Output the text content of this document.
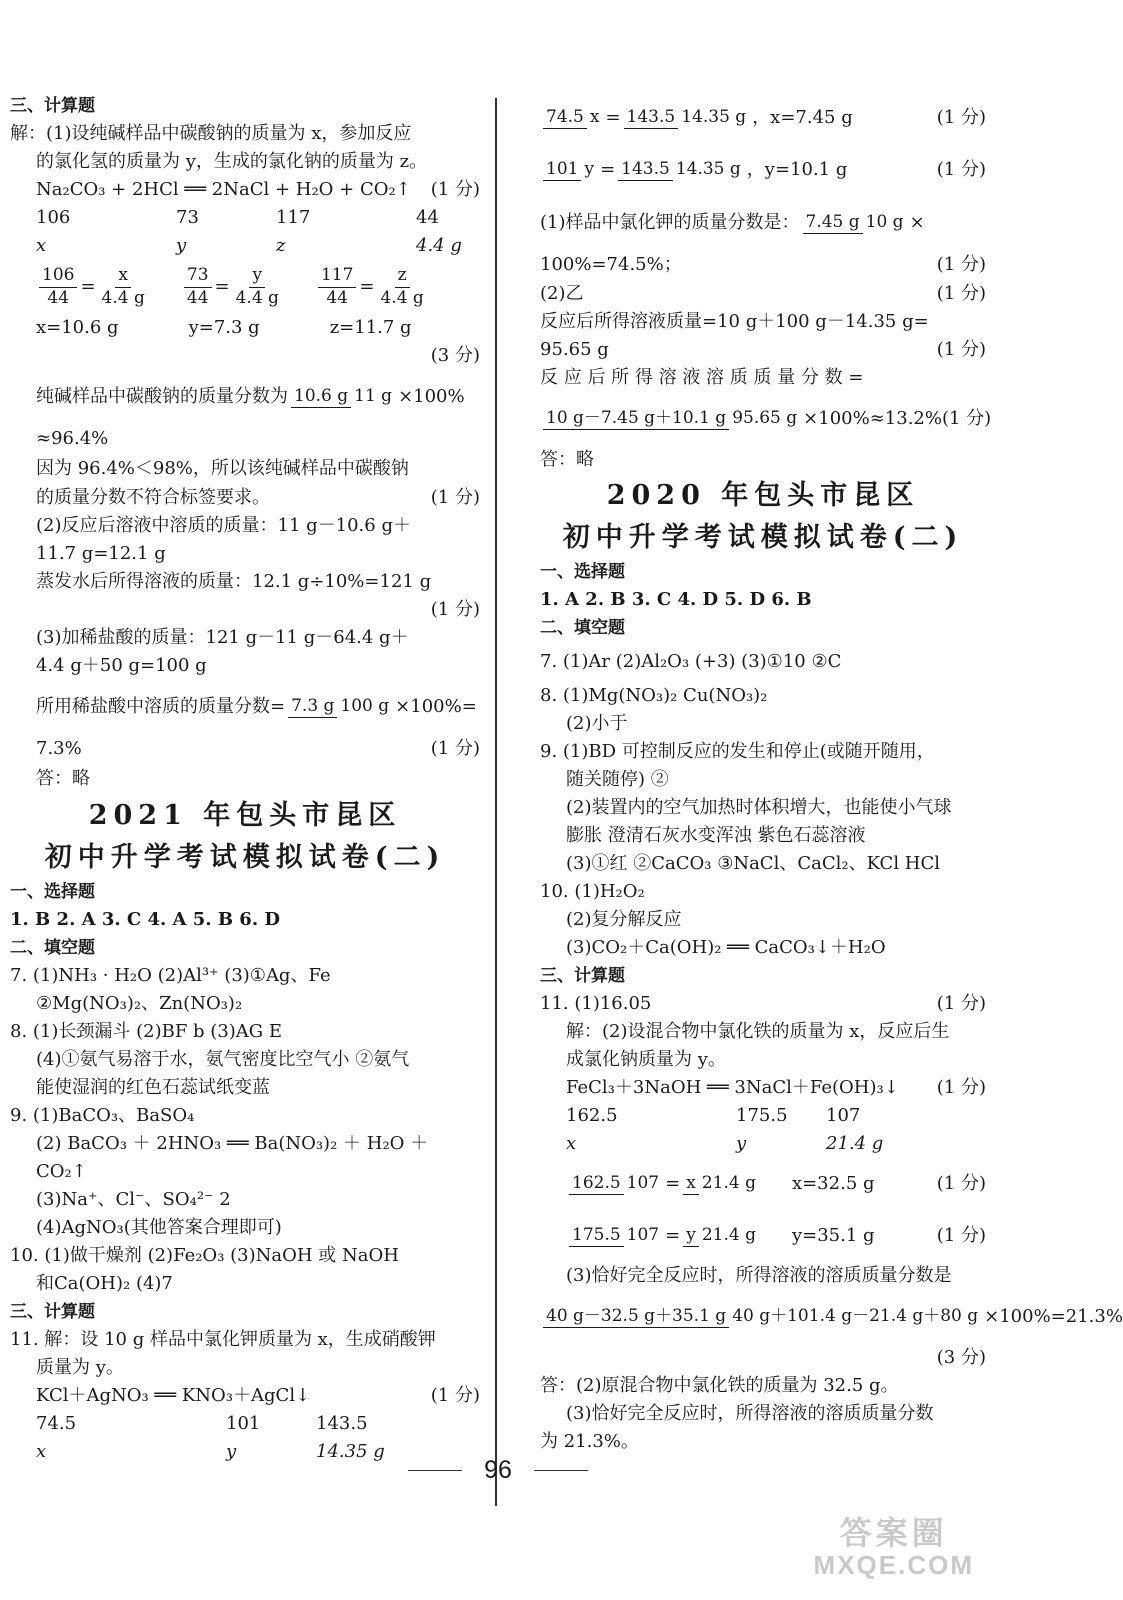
三、计算题
解：(1)设纯碱样品中碳酸钠的质量为 x，参加反应
的氯化氢的质量为 y，生成的氯化钠的质量为 z。
Na₂CO₃ + 2HCl ══ 2NaCl + H₂O + CO₂↑ (1 分)
106	73	117	44
x	y	z	4.4 g
$\frac{106}{44} = \frac{x}{4.4 g} \frac{73}{44} = \frac{y}{4.4 g} \frac{117}{44} = \frac{z}{4.4 g}$
x=10.6 g	y=7.3 g	z=11.7 g
(3 分)
纯碱样品中碳酸钠的质量分数为 10.6 g 11 g ×100%
≈96.4%
因为 96.4%＜98%，所以该纯碱样品中碳酸钠
的质量分数不符合标签要求。	(1 分)
(2)反应后溶液中溶质的质量：11 g－10.6 g＋
11.7 g=12.1 g
蒸发水后所得溶液的质量：12.1 g÷10%=121 g
(1 分)
(3)加稀盐酸的质量：121 g－11 g－64.4 g＋
4.4 g＋50 g=100 g
所用稀盐酸中溶质的质量分数= 7.3 g 100 g ×100%=
7.3%	(1 分)
答：略
2021 年包头市昆区
初中升学考试模拟试卷(二)
一、选择题
1. B 2. A 3. C 4. A 5. B 6. D
二、填空题
7. (1)NH₃ · H₂O (2)Al³⁺ (3)①Ag、Fe
②Mg(NO₃)₂、Zn(NO₃)₂
8. (1)长颈漏斗 (2)BF b (3)AG E
(4)①氨气易溶于水，氨气密度比空气小 ②氨气
能使湿润的红色石蕊试纸变蓝
9. (1)BaCO₃、BaSO₄
(2) BaCO₃ ＋ 2HNO₃ ══ Ba(NO₃)₂ ＋ H₂O ＋
CO₂↑
(3)Na⁺、Cl⁻、SO₄²⁻ 2
(4)AgNO₃(其他答案合理即可)
10. (1)做干燥剂 (2)Fe₂O₃ (3)NaOH 或 NaOH
和Ca(OH)₂ (4)7
三、计算题
11. 解：设 10 g 样品中氯化钾质量为 x，生成硝酸钾
质量为 y。
KCl＋AgNO₃ ══ KNO₃＋AgCl↓	(1 分)
74.5	101	143.5
x	y	14.35 g
74.5 x = 143.5 14.35 g ，x=7.45 g	(1 分)
101 y = 143.5 14.35 g ，y=10.1 g	(1 分)
(1)样品中氯化钾的质量分数是： 7.45 g 10 g ×
100%=74.5%；	(1 分)
(2)乙	(1 分)
反应后所得溶液质量=10 g＋100 g－14.35 g=
95.65 g	(1 分)
反 应 后 所 得 溶 液 溶 质 质 量 分 数 =
10 g－7.45 g＋10.1 g 95.65 g ×100%≈13.2% (1 分)
答：略
2020 年包头市昆区
初中升学考试模拟试卷(二)
一、选择题
1. A 2. B 3. C 4. D 5. D 6. B
二、填空题
7. (1)Ar (2)Al₂O₃ (+3) (3)①10 ②C
8. (1)Mg(NO₃)₂ Cu(NO₃)₂
(2)小于
9. (1)BD 可控制反应的发生和停止(或随开随用，
随关随停) ②
(2)装置内的空气加热时体积增大，也能使小气球
膨胀 澄清石灰水变浑浊 紫色石蕊溶液
(3)①红 ②CaCO₃ ③NaCl、CaCl₂、KCl HCl
10. (1)H₂O₂
(2)复分解反应
(3)CO₂＋Ca(OH)₂ ══ CaCO₃↓＋H₂O
三、计算题
11. (1)16.05	(1 分)
解：(2)设混合物中氯化铁的质量为 x，反应后生
成氯化钠质量为 y。
FeCl₃＋3NaOH ══ 3NaCl＋Fe(OH)₃↓ (1 分)
162.5	175.5	107
x	y	21.4 g
162.5 107 = x 21.4 g x=32.5 g	(1 分)
175.5 107 = y 21.4 g y=35.1 g	(1 分)
(3)恰好完全反应时，所得溶液的溶质质量分数是
40 g－32.5 g＋35.1 g 40 g＋101.4 g－21.4 g＋80 g ×100%=21.3%
(3 分)
答：(2)原混合物中氯化铁的质量为 32.5 g。
(3)恰好完全反应时，所得溶液的溶质质量分数
为 21.3%。
96
答案圈
MXQE.COM
